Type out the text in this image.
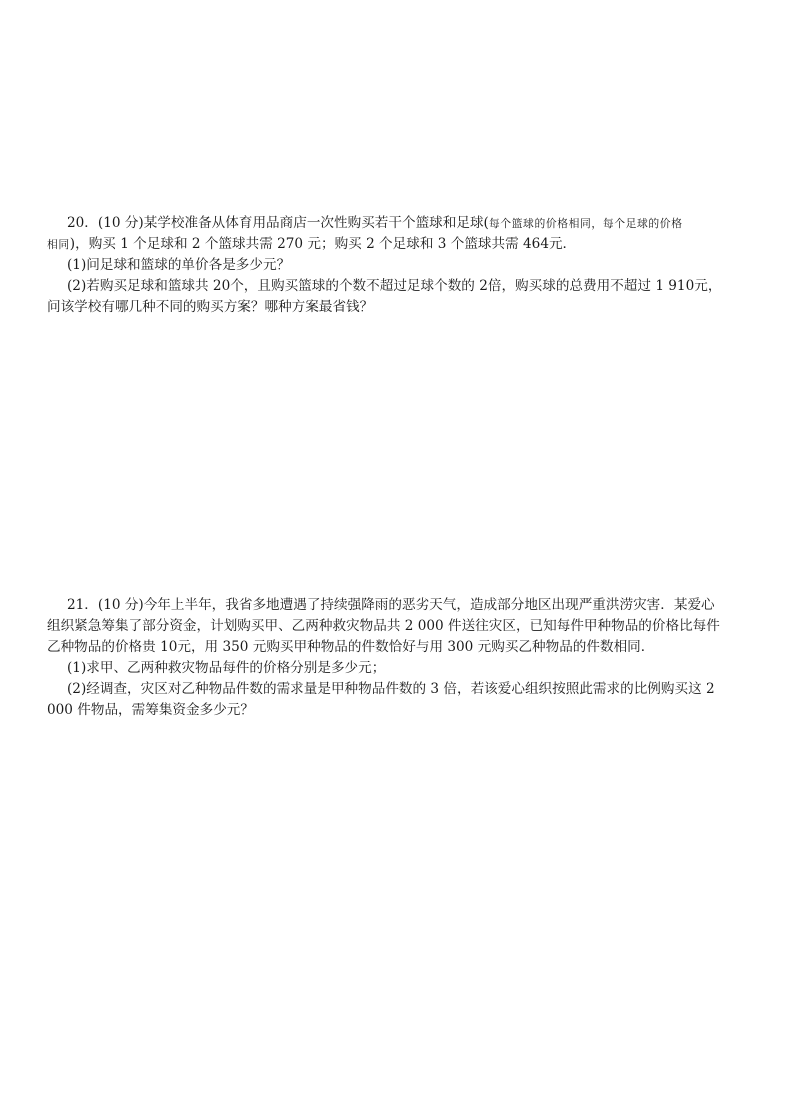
20．(10 分)某学校准备从体育用品商店一次性购买若干个篮球和足球(每个篮球的价格相同，每个足球的价格
相同)，购买 1 个足球和 2 个篮球共需 270 元；购买 2 个足球和 3 个篮球共需 464元．
(1)问足球和篮球的单价各是多少元？
(2)若购买足球和篮球共 20个，且购买篮球的个数不超过足球个数的 2倍，购买球的总费用不超过 1 910元，
问该学校有哪几种不同的购买方案？哪种方案最省钱？
21．(10 分)今年上半年，我省多地遭遇了持续强降雨的恶劣天气，造成部分地区出现严重洪涝灾害．某爱心
组织紧急筹集了部分资金，计划购买甲、乙两种救灾物品共 2 000 件送往灾区，已知每件甲种物品的价格比每件
乙种物品的价格贵 10元，用 350 元购买甲种物品的件数恰好与用 300 元购买乙种物品的件数相同．
(1)求甲、乙两种救灾物品每件的价格分别是多少元；
(2)经调查，灾区对乙种物品件数的需求量是甲种物品件数的 3 倍，若该爱心组织按照此需求的比例购买这 2
000 件物品，需筹集资金多少元？
